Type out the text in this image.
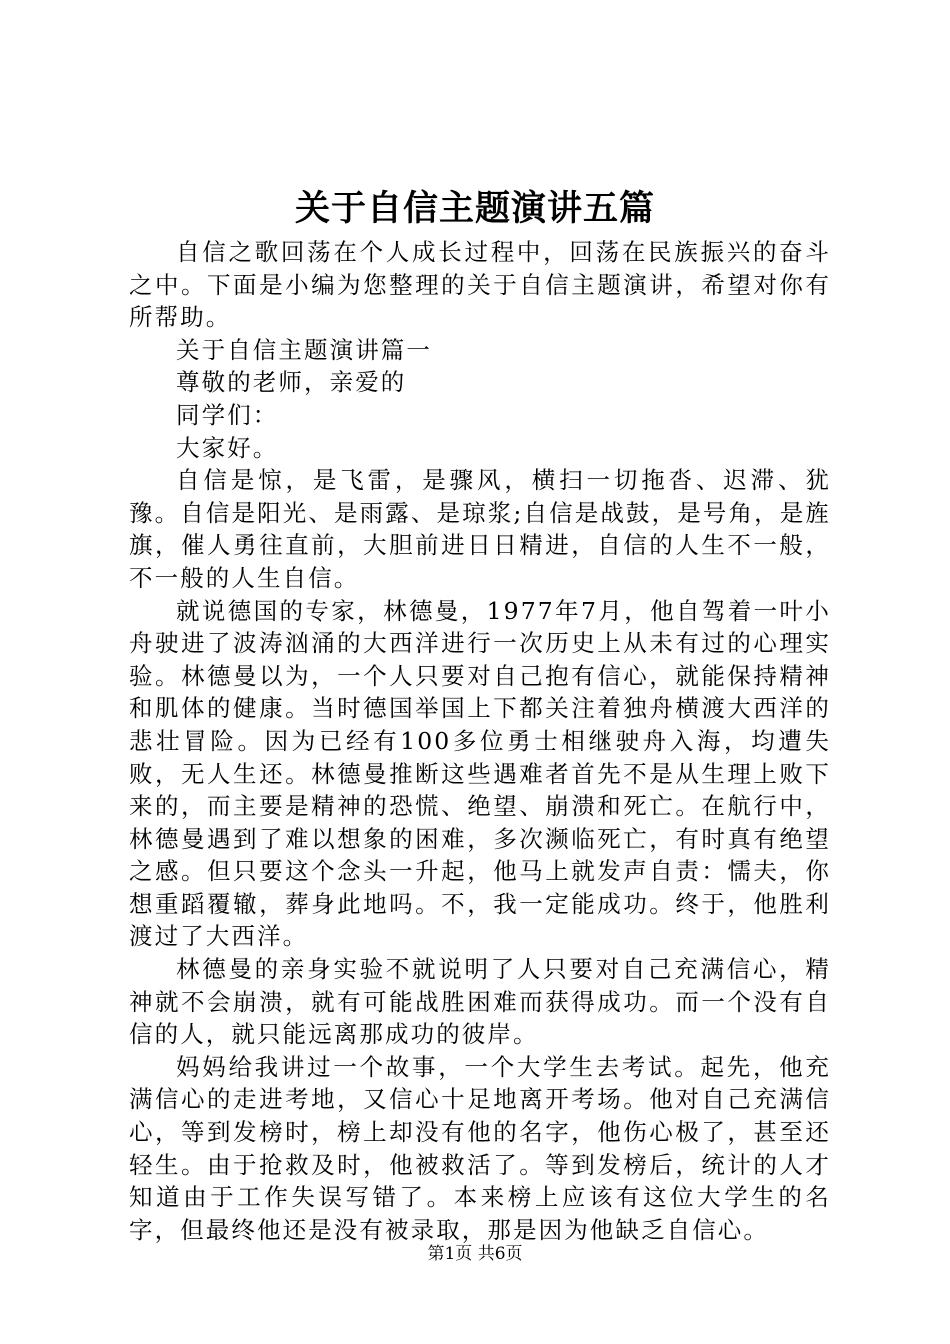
关于自信主题演讲五篇

自信之歌回荡在个人成长过程中，回荡在民族振兴的奋斗之中。下面是小编为您整理的关于自信主题演讲，希望对你有所帮助。

关于自信主题演讲篇一

尊敬的老师，亲爱的

同学们：

大家好。

自信是惊，是飞雷，是骤风，横扫一切拖沓、迟滞、犹豫。自信是阳光、是雨露、是琼浆;自信是战鼓，是号角，是旌旗，催人勇往直前，大胆前进日日精进，自信的人生不一般，不一般的人生自信。

就说德国的专家，林德曼，1977年7月，他自驾着一叶小舟驶进了波涛汹涌的大西洋进行一次历史上从未有过的心理实验。林德曼以为，一个人只要对自己抱有信心，就能保持精神和肌体的健康。当时德国举国上下都关注着独舟横渡大西洋的悲壮冒险。因为已经有100多位勇士相继驶舟入海，均遭失败，无人生还。林德曼推断这些遇难者首先不是从生理上败下来的，而主要是精神的恐慌、绝望、崩溃和死亡。在航行中，林德曼遇到了难以想象的困难，多次濒临死亡，有时真有绝望之感。但只要这个念头一升起，他马上就发声自责：懦夫，你想重蹈覆辙，葬身此地吗。不，我一定能成功。终于，他胜利渡过了大西洋。

林德曼的亲身实验不就说明了人只要对自己充满信心，精神就不会崩溃，就有可能战胜困难而获得成功。而一个没有自信的人，就只能远离那成功的彼岸。

妈妈给我讲过一个故事，一个大学生去考试。起先，他充满信心的走进考地，又信心十足地离开考场。他对自己充满信心，等到发榜时，榜上却没有他的名字，他伤心极了，甚至还轻生。由于抢救及时，他被救活了。等到发榜后，统计的人才知道由于工作失误写错了。本来榜上应该有这位大学生的名字，但最终他还是没有被录取，那是因为他缺乏自信心。

第1页 共6页
